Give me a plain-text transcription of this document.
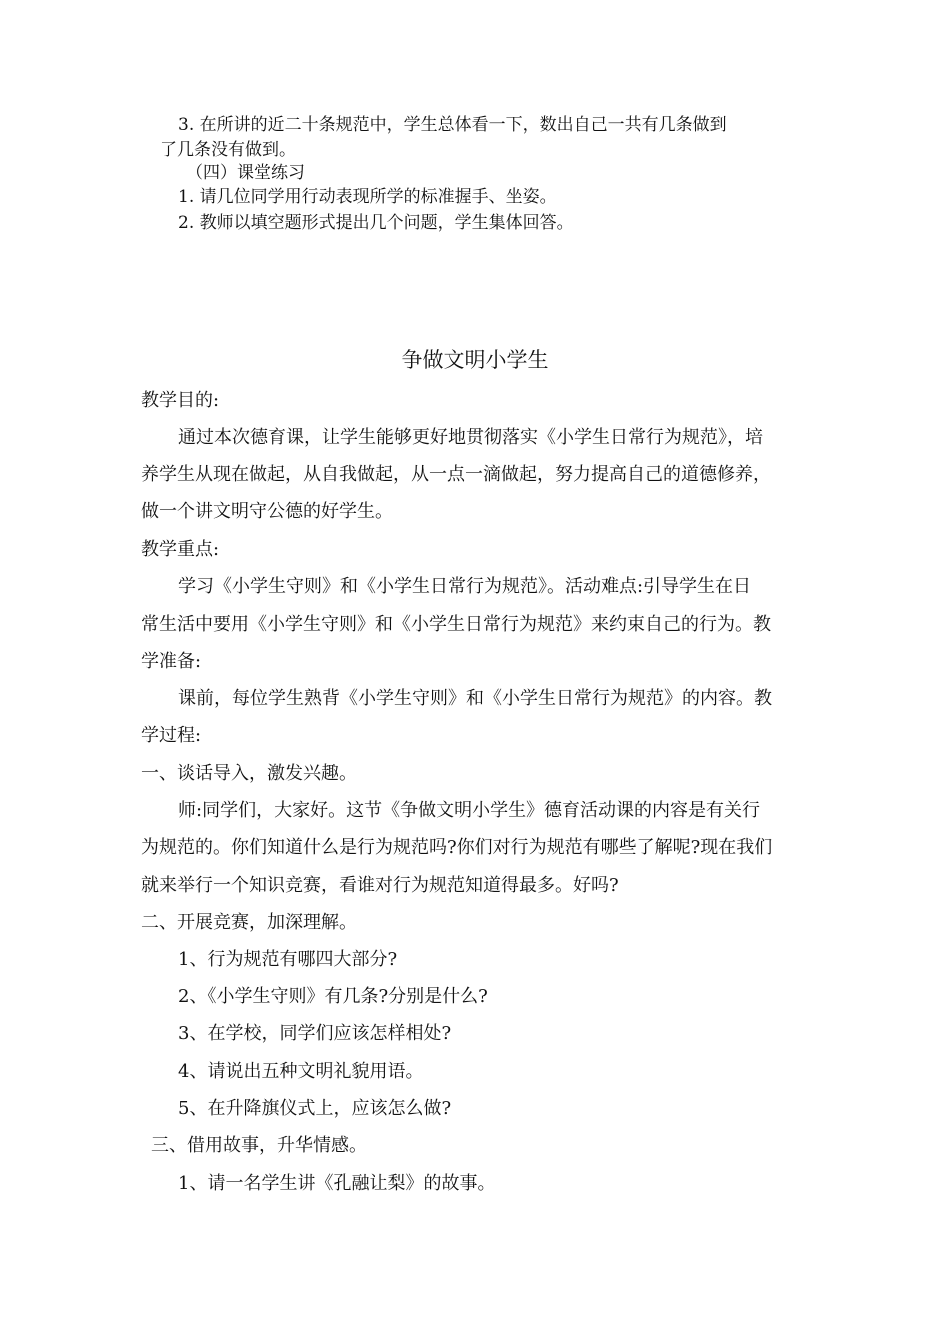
3. 在所讲的近二十条规范中，学生总体看一下，数出自己一共有几条做到
了几条没有做到。
（四）课堂练习
1. 请几位同学用行动表现所学的标准握手、坐姿。
2. 教师以填空题形式提出几个问题，学生集体回答。
争做文明小学生
教学目的:
通过本次德育课，让学生能够更好地贯彻落实《小学生日常行为规范》，培
养学生从现在做起，从自我做起，从一点一滴做起，努力提高自己的道德修养，
做一个讲文明守公德的好学生。
教学重点:
学习《小学生守则》和《小学生日常行为规范》。活动难点:引导学生在日
常生活中要用《小学生守则》和《小学生日常行为规范》来约束自己的行为。教
学准备:
课前，每位学生熟背《小学生守则》和《小学生日常行为规范》的内容。教
学过程:
一、谈话导入，激发兴趣。
师:同学们，大家好。这节《争做文明小学生》德育活动课的内容是有关行
为规范的。你们知道什么是行为规范吗?你们对行为规范有哪些了解呢?现在我们
就来举行一个知识竞赛，看谁对行为规范知道得最多。好吗?
二、开展竞赛，加深理解。
1、行为规范有哪四大部分?
2、《小学生守则》有几条?分别是什么?
3、在学校，同学们应该怎样相处?
4、请说出五种文明礼貌用语。
5、在升降旗仪式上，应该怎么做?
三、借用故事，升华情感。
1、请一名学生讲《孔融让梨》的故事。
